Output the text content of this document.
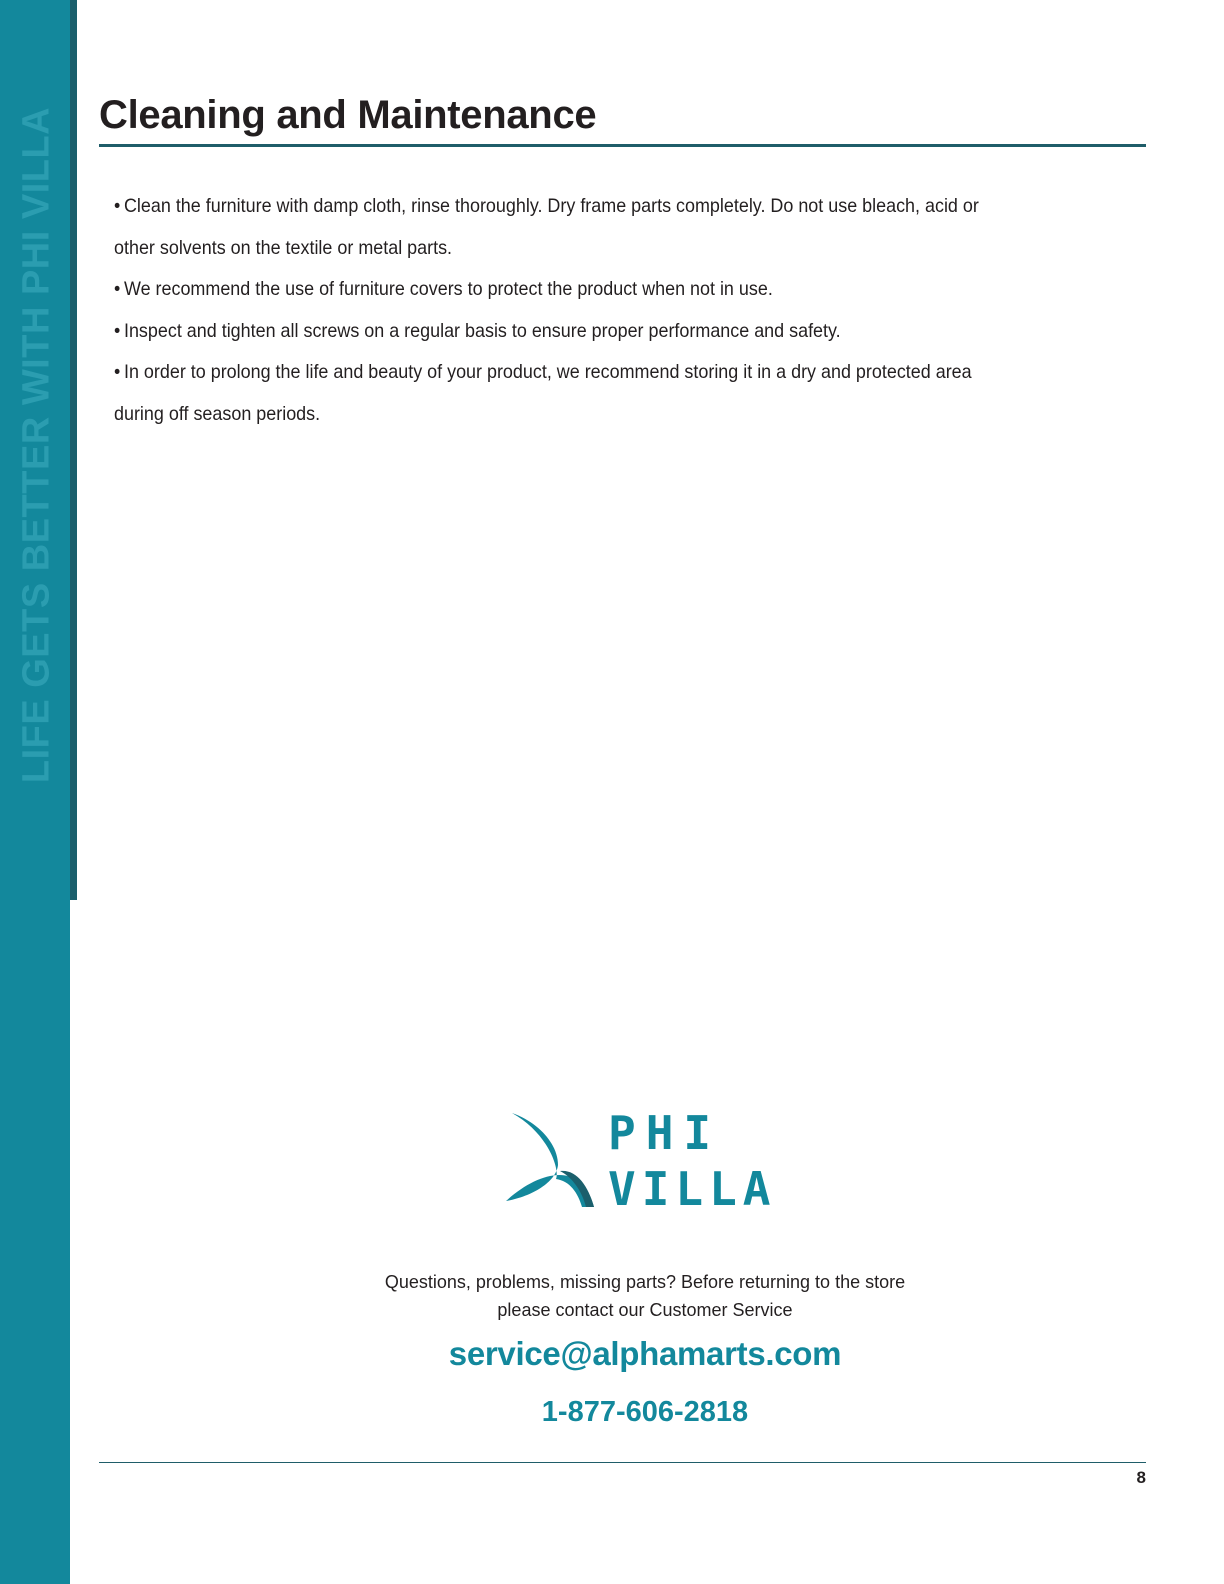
LIFE GETS BETTER WITH PHI VILLA Cleaning and Maintenance
• Clean the furniture with damp cloth, rinse thoroughly. Dry frame parts completely. Do not use bleach, acid or
other solvents on the textile or metal parts.
• We recommend the use of furniture covers to protect the product when not in use.
• Inspect and tighten all screws on a regular basis to ensure proper performance and safety.
• In order to prolong the life and beauty of your product, we recommend storing it in a dry and protected area
during off season periods.
PHI
VILLA
Questions, problems, missing parts? Before returning to the store
please contact our Customer Service
service@alphamarts.com
1-877-606-2818
8
